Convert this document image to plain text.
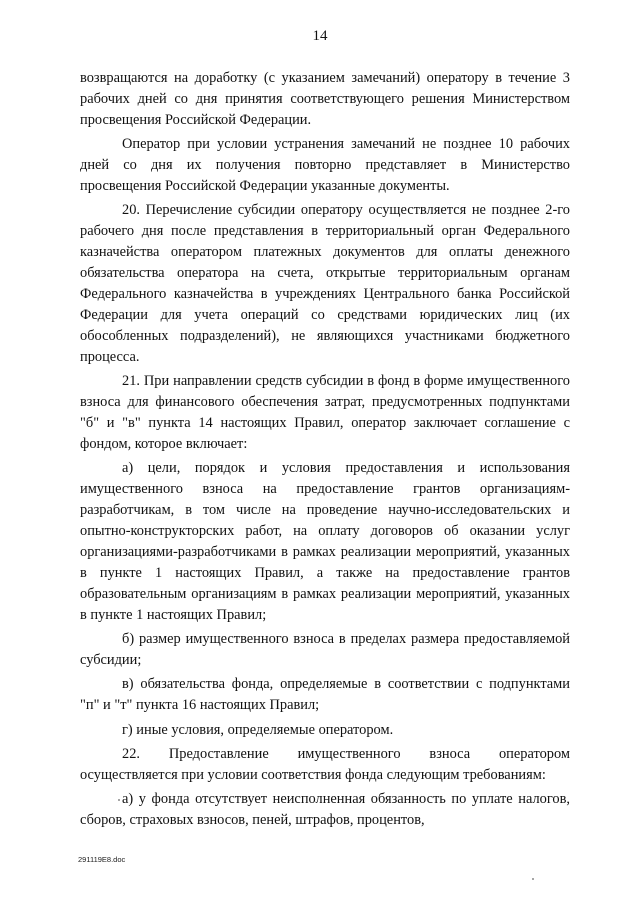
14

возвращаются на доработку (с указанием замечаний) оператору в течение 3 рабочих дней со дня принятия соответствующего решения Министерством просвещения Российской Федерации.

Оператор при условии устранения замечаний не позднее 10 рабочих дней со дня их получения повторно представляет в Министерство просвещения Российской Федерации указанные документы.

20. Перечисление субсидии оператору осуществляется не позднее 2-го рабочего дня после представления в территориальный орган Федерального казначейства оператором платежных документов для оплаты денежного обязательства оператора на счета, открытые территориальным органам Федерального казначейства в учреждениях Центрального банка Российской Федерации для учета операций со средствами юридических лиц (их обособленных подразделений), не являющихся участниками бюджетного процесса.

21. При направлении средств субсидии в фонд в форме имущественного взноса для финансового обеспечения затрат, предусмотренных подпунктами "б" и "в" пункта 14 настоящих Правил, оператор заключает соглашение с фондом, которое включает:

а) цели, порядок и условия предоставления и использования имущественного взноса на предоставление грантов организациям-разработчикам, в том числе на проведение научно-исследовательских и опытно-конструкторских работ, на оплату договоров об оказании услуг организациями-разработчиками в рамках реализации мероприятий, указанных в пункте 1 настоящих Правил, а также на предоставление грантов образовательным организациям в рамках реализации мероприятий, указанных в пункте 1 настоящих Правил;

б) размер имущественного взноса в пределах размера предоставляемой субсидии;

в) обязательства фонда, определяемые в соответствии с подпунктами "п" и "т" пункта 16 настоящих Правил;

г) иные условия, определяемые оператором.

22. Предоставление имущественного взноса оператором осуществляется при условии соответствия фонда следующим требованиям:

а) у фонда отсутствует неисполненная обязанность по уплате налогов, сборов, страховых взносов, пеней, штрафов, процентов,

291119E8.doc
